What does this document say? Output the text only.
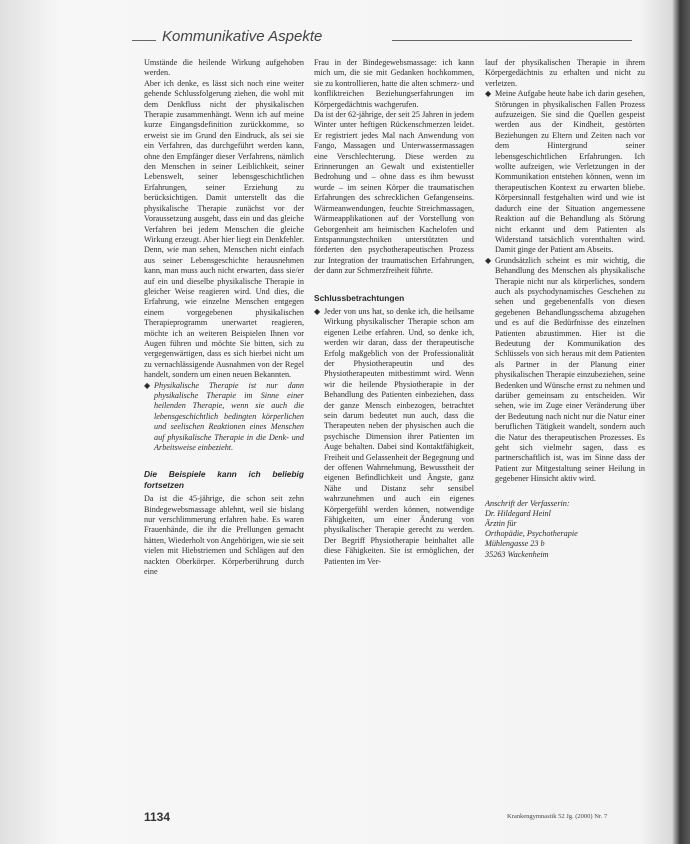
Kommunikative Aspekte

Umstände die heilende Wirkung aufgehoben werden.

Aber ich denke, es lässt sich noch eine weiter gehende Schlussfolgerung ziehen, die wohl mit dem Denkfluss nicht der physikalischen Therapie zusammenhängt. Wenn ich auf meine kurze Eingangsdefinition zurückkomme, so erweist sie im Grund den Eindruck, als sei sie ein Verfahren, das durchgeführt werden kann, ohne den Empfänger dieser Verfahrens, nämlich den Menschen in seiner Leiblichkeit, seiner Lebenswelt, seiner lebensgeschichtlichen Erfahrungen, seiner Erziehung zu berücksichtigen. Damit unterstellt das die physikalische Therapie zunächst vor der Voraussetzung ausgeht, dass ein und das gleiche Verfahren bei jedem Menschen die gleiche Wirkung erzeugt. Aber hier liegt ein Denkfehler. Denn, wie man sehen, Menschen nicht einfach aus seiner Lebensgeschichte herausnehmen kann, man muss auch nicht erwarten, dass sie/er auf ein und dieselbe physikalische Therapie in gleicher Weise reagieren wird. Und dies, die Erfahrung, wie einzelne Menschen entgegen einem vorgegebenen physikalischen Therapieprogramm unerwartet reagieren, möchte ich an weiteren Beispielen Ihnen vor Augen führen und möchte Sie bitten, sich zu vergegenwärtigen, dass es sich hierbei nicht um zu vernachlässigende Ausnahmen von der Regel handelt, sondern um einen neuen Bekannten.

◆ Physikalische Therapie ist nur dann physikalische Therapie im Sinne einer heilenden Therapie, wenn sie auch die lebensgeschichtlich bedingten körperlichen und seelischen Reaktionen eines Menschen auf physikalische Therapie in die Denk- und Arbeitsweise einbezieht.
Die Beispiele kann ich beliebig fortsetzen

Da ist die 45-jährige, die schon seit zehn Bindegewebsmassage ablehnt, weil sie bislang nur verschlimmerung erfahren habe. Es waren Frauenhände, die ihr die Prellungen gemacht hätten, Wiederholt von Angehörigen, wie sie seit vielen mit Hiebstriemen und Schlägen auf den nackten Oberkörper. Körperberührung durch eine

Frau in der Bindegewebsmassage: ich kann mich um, die sie mit Gedanken hochkommen, sie zu kontrollieren, hatte die alten schmerz- und konfliktreichen Beziehungserfahrungen im Körpergedächtnis wachgerufen.

Da ist der 62-jährige, der seit 25 Jahren in jedem Winter unter heftigen Rückenschmerzen leidet. Er registriert jedes Mal nach Anwendung von Fango, Massagen und Unterwassermassagen eine Verschlechterung. Diese werden zu Erinnerungen an Gewalt und existentieller Bedrohung und – ohne dass es ihm bewusst wurde – im seinen Körper die traumatischen Erfahrungen des schrecklichen Gefangenseins. Wärmeanwendungen, feuchte Streichmassagen, Wärmeapplikationen auf der Vorstellung von Geborgenheit am heimischen Kachelofen und Entspannungstechniken unterstützten und förderten den psychotherapeutischen Prozess zur Integration der traumatischen Erfahrungen, der dann zur Schmerzfreiheit führte.

Schlussbetrachtungen
◆ Jeder von uns hat, so denke ich, die heilsame Wirkung physikalischer Therapie schon am eigenen Leibe erfahren. Und, so denke ich, werden wir daran, dass der therapeutische Erfolg maßgeblich von der Professionalität der Physiotherapeutin und des Physiotherapeuten mitbestimmt wird. Wenn wir die heilende Physiotherapie in der Behandlung des Patienten einbeziehen, dass der ganze Mensch einbezogen, betrachtet sein darum bedeutet nun auch, dass die Therapeuten neben der physischen auch die psychische Dimension ihrer Patienten im Auge behalten. Dabei sind Kontaktfähigkeit, Freiheit und Gelassenheit der Begegnung und der offenen Wahrnehmung, Bewusstheit der eigenen Befindlichkeit und Ängste, ganz Nähe und Distanz sehr sensibel wahrzunehmen und auch ein eigenes Körpergefühl werden können, notwendige Fähigkeiten, um einer Änderung von physikalischer Therapie gerecht zu werden. Der Begriff Physiotherapie beinhaltet alle diese Fähigkeiten. Sie ist ermöglichen, der Patienten im Ver-

lauf der physikalischen Therapie in ihrem Körpergedächtnis zu erhalten und nicht zu verletzen.

◆ Meine Aufgabe heute habe ich darin gesehen, Störungen in physikalischen Fallen Prozess aufzuzeigen. Sie sind die Quellen gespeist werden aus der Kindheit, gestörten Beziehungen zu Eltern und Zeiten nach vor dem Hintergrund seiner lebensgeschichtlichen Erfahrungen. Ich wollte aufzeigen, wie Verletzungen in der Kommunikation entstehen können, wenn im therapeutischen Kontext zu erwarten bliebe. Körpersinnall festgehalten wird und wie ist dadurch eine der Situation angemessene Reaktion auf die Behandlung als Störung nicht erkannt und dem Patienten als Widerstand tatsächlich vorenthalten wird. Damit ginge der Patient am Abseits.
◆ Grundsätzlich scheint es mir wichtig, die Behandlung des Menschen als physikalische Therapie nicht nur als körperliches, sondern auch als psychodynamisches Geschehen zu sehen und gegebenenfalls von diesen gegebenen Behandlungsschema abzugehen und es auf die Bedürfnisse des einzelnen Patienten abzustimmen. Hier ist die Bedeutung der Kommunikation des Schlüssels von sich heraus mit dem Patienten als Partner in der Planung einer physikalischen Therapie einzubeziehen, seine Bedenken und Wünsche ernst zu nehmen und darüber gemeinsam zu entscheiden. Wir sehen, wie im Zuge einer Veränderung über der Bedeutung nach nicht nur die Natur einer beruflichen Tätigkeit wandelt, sondern auch die Natur des therapeutischen Prozesses. Es geht sich vielmehr sagen, dass es partnerschaftlich ist, was im Sinne dass der Patient zur Mitgestaltung seiner Heilung in gegebener Hinsicht aktiv wird.
Anschrift der Verfasserin:
Dr. Hildegard Heinl
Ärztin für
Orthopädie, Psychotherapie
Mühlengasse 23 b
35263 Wackenheim
1134	Krankengymnastik 52 Jg. (2000) Nr. 7
